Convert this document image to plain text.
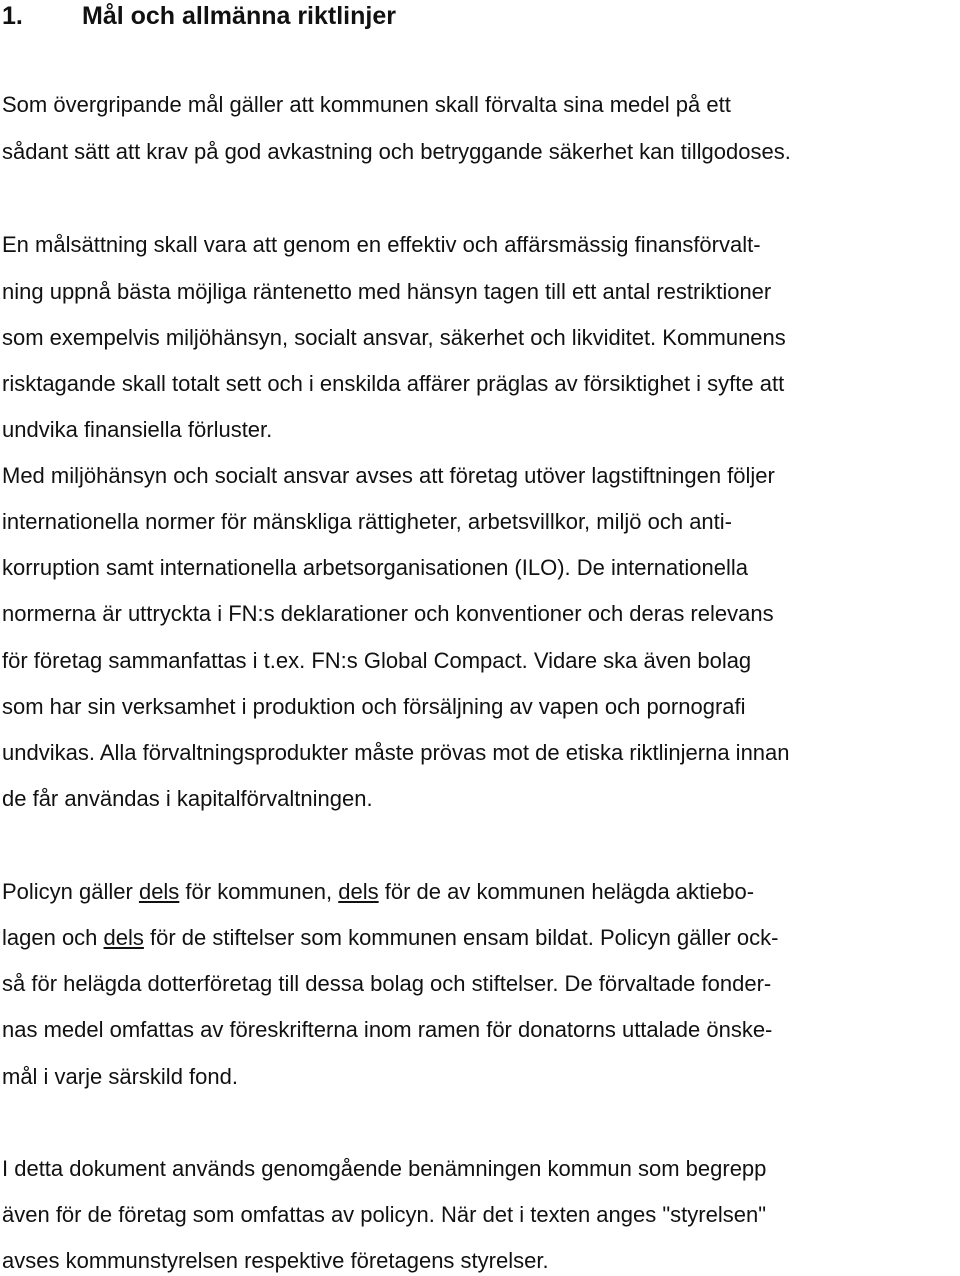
1. Mål och allmänna riktlinjer

Som övergripande mål gäller att kommunen skall förvalta sina medel på ett

sådant sätt att krav på god avkastning och betryggande säkerhet kan tillgodoses.

En målsättning skall vara att genom en effektiv och affärsmässig finansförvalt-

ning uppnå bästa möjliga räntenetto med hänsyn tagen till ett antal restriktioner

som exempelvis miljöhänsyn, socialt ansvar, säkerhet och likviditet. Kommunens

risktagande skall totalt sett och i enskilda affärer präglas av försiktighet i syfte att

undvika finansiella förluster.

Med miljöhänsyn och socialt ansvar avses att företag utöver lagstiftningen följer

internationella normer för mänskliga rättigheter, arbetsvillkor, miljö och anti-

korruption samt internationella arbetsorganisationen (ILO). De internationella

normerna är uttryckta i FN:s deklarationer och konventioner och deras relevans

för företag sammanfattas i t.ex. FN:s Global Compact. Vidare ska även bolag

som har sin verksamhet i produktion och försäljning av vapen och pornografi

undvikas. Alla förvaltningsprodukter måste prövas mot de etiska riktlinjerna innan

de får användas i kapitalförvaltningen.

Policyn gäller dels för kommunen, dels för de av kommunen helägda aktiebo-

lagen och dels för de stiftelser som kommunen ensam bildat. Policyn gäller ock-

så för helägda dotterföretag till dessa bolag och stiftelser. De förvaltade fonder-

nas medel omfattas av föreskrifterna inom ramen för donatorns uttalade önske-

mål i varje särskild fond.

I detta dokument används genomgående benämningen kommun som begrepp

även för de företag som omfattas av policyn. När det i texten anges "styrelsen"

avses kommunstyrelsen respektive företagens styrelser.
